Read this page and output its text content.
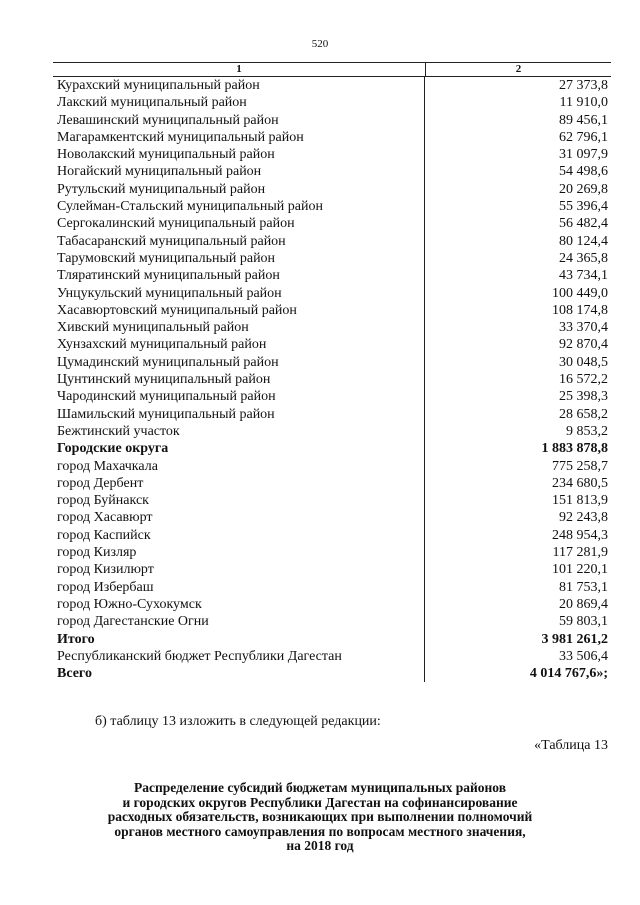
520
1	2
Курахский муниципальный район	27 373,8
Лакский муниципальный район	11 910,0
Левашинский муниципальный район	89 456,1
Магарамкентский муниципальный район	62 796,1
Новолакский муниципальный район	31 097,9
Ногайский муниципальный район	54 498,6
Рутульский муниципальный район	20 269,8
Сулейман-Стальский муниципальный район	55 396,4
Сергокалинский муниципальный район	56 482,4
Табасаранский муниципальный район	80 124,4
Тарумовский муниципальный район	24 365,8
Тляратинский муниципальный район	43 734,1
Унцукульский муниципальный район	100 449,0
Хасавюртовский муниципальный район	108 174,8
Хивский муниципальный район	33 370,4
Хунзахский муниципальный район	92 870,4
Цумадинский муниципальный район	30 048,5
Цунтинский муниципальный район	16 572,2
Чародинский муниципальный район	25 398,3
Шамильский муниципальный район	28 658,2
Бежтинский участок	9 853,2
Городские округа	1 883 878,8
город Махачкала	775 258,7
город Дербент	234 680,5
город Буйнакск	151 813,9
город Хасавюрт	92 243,8
город Каспийск	248 954,3
город Кизляр	117 281,9
город Кизилюрт	101 220,1
город Избербаш	81 753,1
город Южно-Сухокумск	20 869,4
город Дагестанские Огни	59 803,1
Итого	3 981 261,2
Республиканский бюджет Республики Дагестан	33 506,4
Всего	4 014 767,6»;
б) таблицу 13 изложить в следующей редакции:
«Таблица 13
Распределение субсидий бюджетам муниципальных районов
и городских округов Республики Дагестан на софинансирование
расходных обязательств, возникающих при выполнении полномочий
органов местного самоуправления по вопросам местного значения,
на 2018 год
